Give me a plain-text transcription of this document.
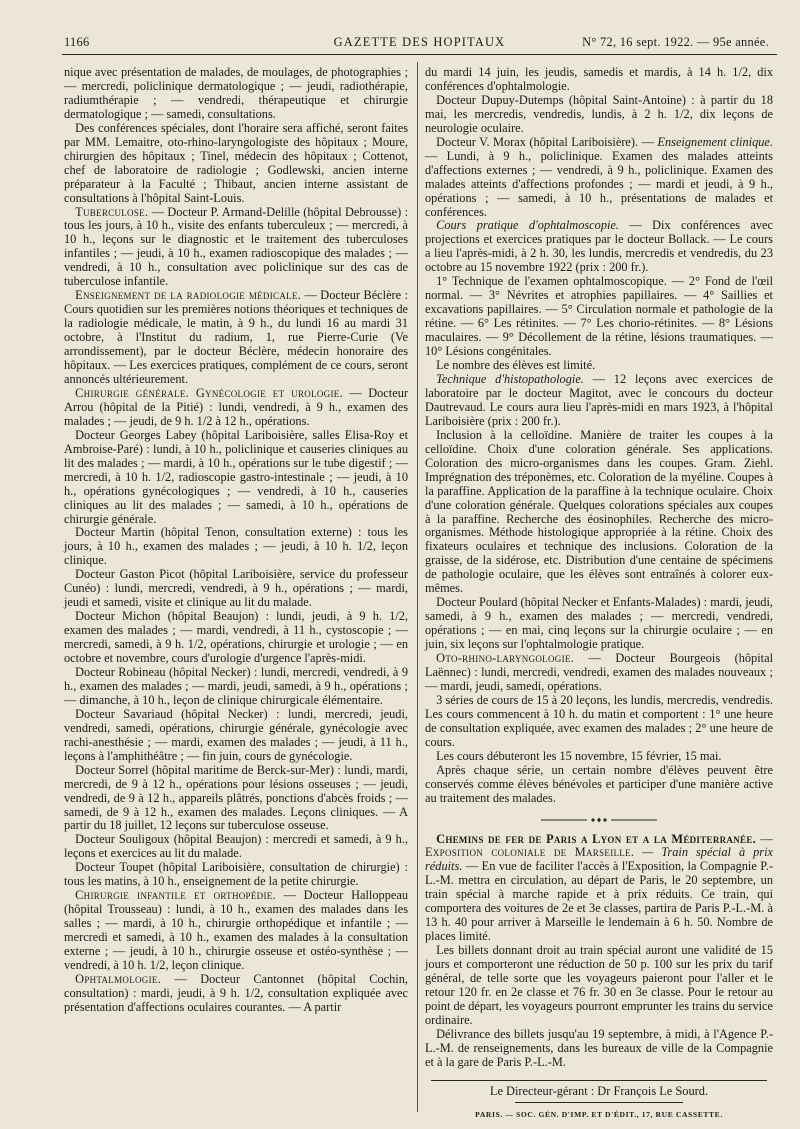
1166	GAZETTE DES HOPITAUX	N° 72, 16 sept. 1922. — 95e année.

nique avec présentation de malades, de moulages, de photographies ; — mercredi, policlinique dermatologique ; — jeudi, radiothérapie, radiumthérapie ; — vendredi, thérapeutique et chirurgie dermatologique ; — samedi, consultations.

Des conférences spéciales, dont l'horaire sera affiché, seront faites par MM. Lemaitre, oto-rhino-laryngologiste des hôpitaux ; Moure, chirurgien des hôpitaux ; Tinel, médecin des hôpitaux ; Cottenot, chef de laboratoire de radiologie ; Godlewski, ancien interne préparateur à la Faculté ; Thibaut, ancien interne assistant de consultations à l'hôpital Saint-Louis.

Tuberculose. — Docteur P. Armand-Delille (hôpital Debrousse) : tous les jours, à 10 h., visite des enfants tuberculeux ; — mercredi, à 10 h., leçons sur le diagnostic et le traitement des tuberculoses infantiles ; — jeudi, à 10 h., examen radioscopique des malades ; — vendredi, à 10 h., consultation avec policlinique sur des cas de tuberculose infantile.

Enseignement de la radiologie médicale. — Docteur Béclère : Cours quotidien sur les premières notions théoriques et techniques de la radiologie médicale, le matin, à 9 h., du lundi 16 au mardi 31 octobre, à l'Institut du radium, 1, rue Pierre-Curie (Ve arrondissement), par le docteur Béclère, médecin honoraire des hôpitaux. — Les exercices pratiques, complément de ce cours, seront annoncés ultérieurement.

Chirurgie générale. Gynécologie et urologie. — Docteur Arrou (hôpital de la Pitié) : lundi, vendredi, à 9 h., examen des malades ; — jeudi, de 9 h. 1/2 à 12 h., opérations.

Docteur Georges Labey (hôpital Lariboisière, salles Elisa-Roy et Ambroise-Paré) : lundi, à 10 h., policlinique et causeries cliniques au lit des malades ; — mardi, à 10 h., opérations sur le tube digestif ; — mercredi, à 10 h. 1/2, radioscopie gastro-intestinale ; — jeudi, à 10 h., opérations gynécologiques ; — vendredi, à 10 h., causeries cliniques au lit des malades ; — samedi, à 10 h., opérations de chirurgie générale.

Docteur Martin (hôpital Tenon, consultation externe) : tous les jours, à 10 h., examen des malades ; — jeudi, à 10 h. 1/2, leçon clinique.

Docteur Gaston Picot (hôpital Lariboisière, service du professeur Cunéo) : lundi, mercredi, vendredi, à 9 h., opérations ; — mardi, jeudi et samedi, visite et clinique au lit du malade.

Docteur Michon (hôpital Beaujon) : lundi, jeudi, à 9 h. 1/2, examen des malades ; — mardi, vendredi, à 11 h., cystoscopie ; — mercredi, samedi, à 9 h. 1/2, opérations, chirurgie et urologie ; — en octobre et novembre, cours d'urologie d'urgence l'après-midi.

Docteur Robineau (hôpital Necker) : lundi, mercredi, vendredi, à 9 h., examen des malades ; — mardi, jeudi, samedi, à 9 h., opérations ; — dimanche, à 10 h., leçon de clinique chirurgicale élémentaire.

Docteur Savariaud (hôpital Necker) : lundi, mercredi, jeudi, vendredi, samedi, opérations, chirurgie générale, gynécologie avec rachi-anesthésie ; — mardi, examen des malades ; — jeudi, à 11 h., leçons à l'amphithéâtre ; — fin juin, cours de gynécologie.

Docteur Sorrel (hôpital maritime de Berck-sur-Mer) : lundi, mardi, mercredi, de 9 à 12 h., opérations pour lésions osseuses ; — jeudi, vendredi, de 9 à 12 h., appareils plâtrés, ponctions d'abcès froids ; — samedi, de 9 à 12 h., examen des malades. Leçons cliniques. — A partir du 18 juillet, 12 leçons sur tuberculose osseuse.

Docteur Souligoux (hôpital Beaujon) : mercredi et samedi, à 9 h., leçons et exercices au lit du malade.

Docteur Toupet (hôpital Lariboisière, consultation de chirurgie) : tous les matins, à 10 h., enseignement de la petite chirurgie.

Chirurgie infantile et orthopédie. — Docteur Halloppeau (hôpital Trousseau) : lundi, à 10 h., examen des malades dans les salles ; — mardi, à 10 h., chirurgie orthopédique et infantile ; — mercredi et samedi, à 10 h., examen des malades à la consultation externe ; — jeudi, à 10 h., chirurgie osseuse et ostéo-synthèse ; — vendredi, à 10 h. 1/2, leçon clinique.

Ophtalmologie. — Docteur Cantonnet (hôpital Cochin, consultation) : mardi, jeudi, à 9 h. 1/2, consultation expliquée avec présentation d'affections oculaires courantes. — A partir

du mardi 14 juin, les jeudis, samedis et mardis, à 14 h. 1/2, dix conférences d'ophtalmologie.

Docteur Dupuy-Dutemps (hôpital Saint-Antoine) : à partir du 18 mai, les mercredis, vendredis, lundis, à 2 h. 1/2, dix leçons de neurologie oculaire.

Docteur V. Morax (hôpital Lariboisière). — Enseignement clinique. — Lundi, à 9 h., policlinique. Examen des malades atteints d'affections externes ; — vendredi, à 9 h., policlinique. Examen des malades atteints d'affections profondes ; — mardi et jeudi, à 9 h., opérations ; — samedi, à 10 h., présentations de malades et conférences.

Cours pratique d'ophtalmoscopie. — Dix conférences avec projections et exercices pratiques par le docteur Bollack. — Le cours a lieu l'après-midi, à 2 h. 30, les lundis, mercredis et vendredis, du 23 octobre au 15 novembre 1922 (prix : 200 fr.).

1° Technique de l'examen ophtalmoscopique. — 2° Fond de l'œil normal. — 3° Névrites et atrophies papillaires. — 4° Saillies et excavations papillaires. — 5° Circulation normale et pathologie de la rétine. — 6° Les rétinites. — 7° Les chorio-rétinites. — 8° Lésions maculaires. — 9° Décollement de la rétine, lésions traumatiques. — 10° Lésions congénitales.

Le nombre des élèves est limité.

Technique d'histopathologie. — 12 leçons avec exercices de laboratoire par le docteur Magitot, avec le concours du docteur Dautrevaud. Le cours aura lieu l'après-midi en mars 1923, à l'hôpital Lariboisière (prix : 200 fr.).

Inclusion à la celloïdine. Manière de traiter les coupes à la celloïdine. Choix d'une coloration générale. Ses applications. Coloration des micro-organismes dans les coupes. Gram. Ziehl. Imprégnation des tréponèmes, etc. Coloration de la myéline. Coupes à la paraffine. Application de la paraffine à la technique oculaire. Choix d'une coloration générale. Quelques colorations spéciales aux coupes à la paraffine. Recherche des éosinophiles. Recherche des micro-organismes. Méthode histologique appropriée à la rétine. Choix des fixateurs oculaires et technique des inclusions. Coloration de la graisse, de la sidérose, etc. Distribution d'une centaine de spécimens de pathologie oculaire, que les élèves sont entraînés à colorer eux-mêmes.

Docteur Poulard (hôpital Necker et Enfants-Malades) : mardi, jeudi, samedi, à 9 h., examen des malades ; — mercredi, vendredi, opérations ; — en mai, cinq leçons sur la chirurgie oculaire ; — en juin, six leçons sur l'ophtalmologie pratique.

Oto-rhino-laryngologie. — Docteur Bourgeois (hôpital Laënnec) : lundi, mercredi, vendredi, examen des malades nouveaux ; — mardi, jeudi, samedi, opérations.

3 séries de cours de 15 à 20 leçons, les lundis, mercredis, vendredis. Les cours commencent à 10 h. du matin et comportent : 1° une heure de consultation expliquée, avec examen des malades ; 2° une heure de cours.

Les cours débuteront les 15 novembre, 15 février, 15 mai.

Après chaque série, un certain nombre d'élèves peuvent être conservés comme élèves bénévoles et participer d'une manière active au traitement des malades.

Chemins de fer de Paris a Lyon et a la Méditerranée. — Exposition coloniale de Marseille. — Train spécial à prix réduits. — En vue de faciliter l'accès à l'Exposition, la Compagnie P.-L.-M. mettra en circulation, au départ de Paris, le 20 septembre, un train spécial à marche rapide et à prix réduits. Ce train, qui comportera des voitures de 2e et 3e classes, partira de Paris P.-L.-M. à 13 h. 40 pour arriver à Marseille le lendemain à 6 h. 50. Nombre de places limité.

Les billets donnant droit au train spécial auront une validité de 15 jours et comporteront une réduction de 50 p. 100 sur les prix du tarif général, de telle sorte que les voyageurs paieront pour l'aller et le retour 120 fr. en 2e classe et 76 fr. 30 en 3e classe. Pour le retour au point de départ, les voyageurs pourront emprunter les trains du service ordinaire.

Délivrance des billets jusqu'au 19 septembre, à midi, à l'Agence P.-L.-M. de renseignements, dans les bureaux de ville de la Compagnie et à la gare de Paris P.-L.-M.

Le Directeur-gérant : Dr François Le Sourd.
PARIS. — SOC. GÉN. D'IMP. ET D'ÉDIT., 17, RUE CASSETTE.
